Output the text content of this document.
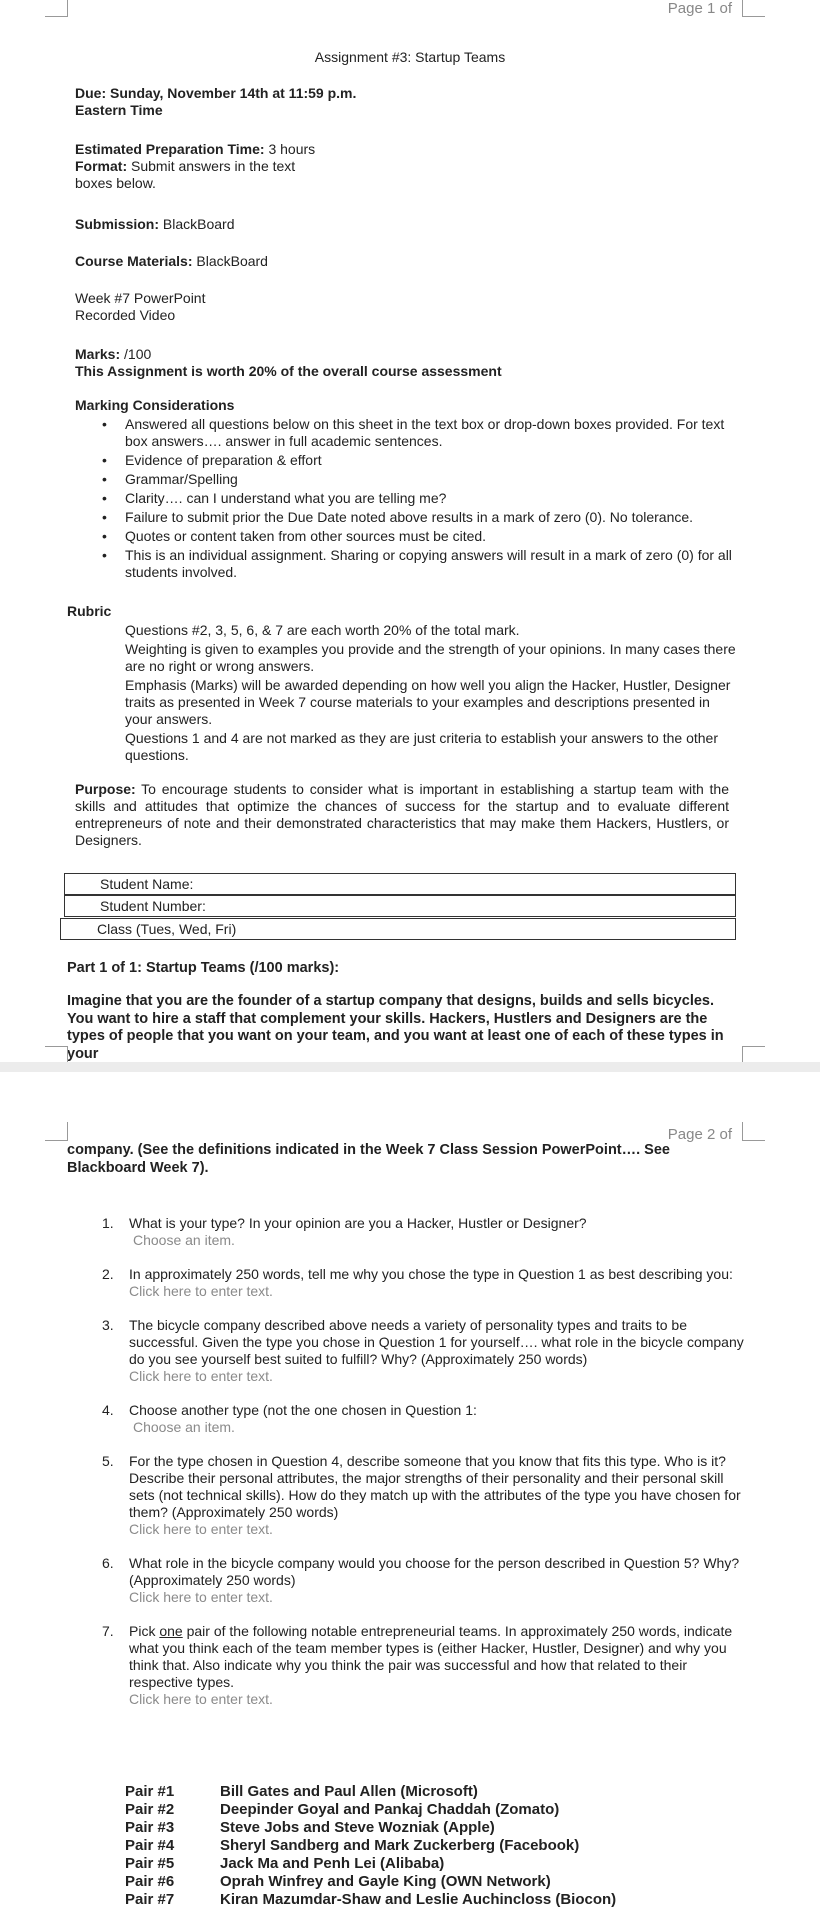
Page 1 of
Assignment #3: Startup Teams
Due: Sunday, November 14th at 11:59 p.m.
Eastern Time
Estimated Preparation Time: 3 hours
Format: Submit answers in the text
boxes below.
Submission: BlackBoard
Course Materials: BlackBoard
Week #7 PowerPoint
Recorded Video
Marks: /100
This Assignment is worth 20% of the overall course assessment
Marking Considerations
• Answered all questions below on this sheet in the text box or drop-down boxes provided. For text box answers…. answer in full academic sentences.
• Evidence of preparation & effort
• Grammar/Spelling
• Clarity…. can I understand what you are telling me?
• Failure to submit prior the Due Date noted above results in a mark of zero (0). No tolerance.
• Quotes or content taken from other sources must be cited.
• This is an individual assignment. Sharing or copying answers will result in a mark of zero (0) for all students involved.
Rubric

Questions #2, 3, 5, 6, & 7 are each worth 20% of the total mark.

Weighting is given to examples you provide and the strength of your opinions. In many cases there are no right or wrong answers.

Emphasis (Marks) will be awarded depending on how well you align the Hacker, Hustler, Designer traits as presented in Week 7 course materials to your examples and descriptions presented in your answers.

Questions 1 and 4 are not marked as they are just criteria to establish your answers to the other questions.

Purpose: To encourage students to consider what is important in establishing a startup team with the skills and attitudes that optimize the chances of success for the startup and to evaluate different entrepreneurs of note and their demonstrated characteristics that may make them Hackers, Hustlers, or Designers.
Student Name:
Student Number:
Class (Tues, Wed, Fri)
Part 1 of 1: Startup Teams (/100 marks):
Imagine that you are the founder of a startup company that designs, builds and sells bicycles. You want to hire a staff that complement your skills. Hackers, Hustlers and Designers are the types of people that you want on your team, and you want at least one of each of these types in your
Page 2 of
company. (See the definitions indicated in the Week 7 Class Session PowerPoint…. See Blackboard Week 7).
1. What is your type? In your opinion are you a Hacker, Hustler or Designer?
Choose an item.
2. In approximately 250 words, tell me why you chose the type in Question 1 as best describing you:
Click here to enter text.
3. The bicycle company described above needs a variety of personality types and traits to be successful. Given the type you chose in Question 1 for yourself…. what role in the bicycle company do you see yourself best suited to fulfill? Why? (Approximately 250 words)
Click here to enter text.
4. Choose another type (not the one chosen in Question 1:
Choose an item.
5. For the type chosen in Question 4, describe someone that you know that fits this type. Who is it? Describe their personal attributes, the major strengths of their personality and their personal skill sets (not technical skills). How do they match up with the attributes of the type you have chosen for them? (Approximately 250 words)
Click here to enter text.
6. What role in the bicycle company would you choose for the person described in Question 5? Why? (Approximately 250 words)
Click here to enter text.
7. Pick one pair of the following notable entrepreneurial teams. In approximately 250 words, indicate what you think each of the team member types is (either Hacker, Hustler, Designer) and why you think that. Also indicate why you think the pair was successful and how that related to their respective types.
Click here to enter text.
Pair #1	Bill Gates and Paul Allen (Microsoft)
Pair #2	Deepinder Goyal and Pankaj Chaddah (Zomato)
Pair #3	Steve Jobs and Steve Wozniak (Apple)
Pair #4	Sheryl Sandberg and Mark Zuckerberg (Facebook)
Pair #5	Jack Ma and Penh Lei (Alibaba)
Pair #6	Oprah Winfrey and Gayle King (OWN Network)
Pair #7	Kiran Mazumdar-Shaw and Leslie Auchincloss (Biocon)
